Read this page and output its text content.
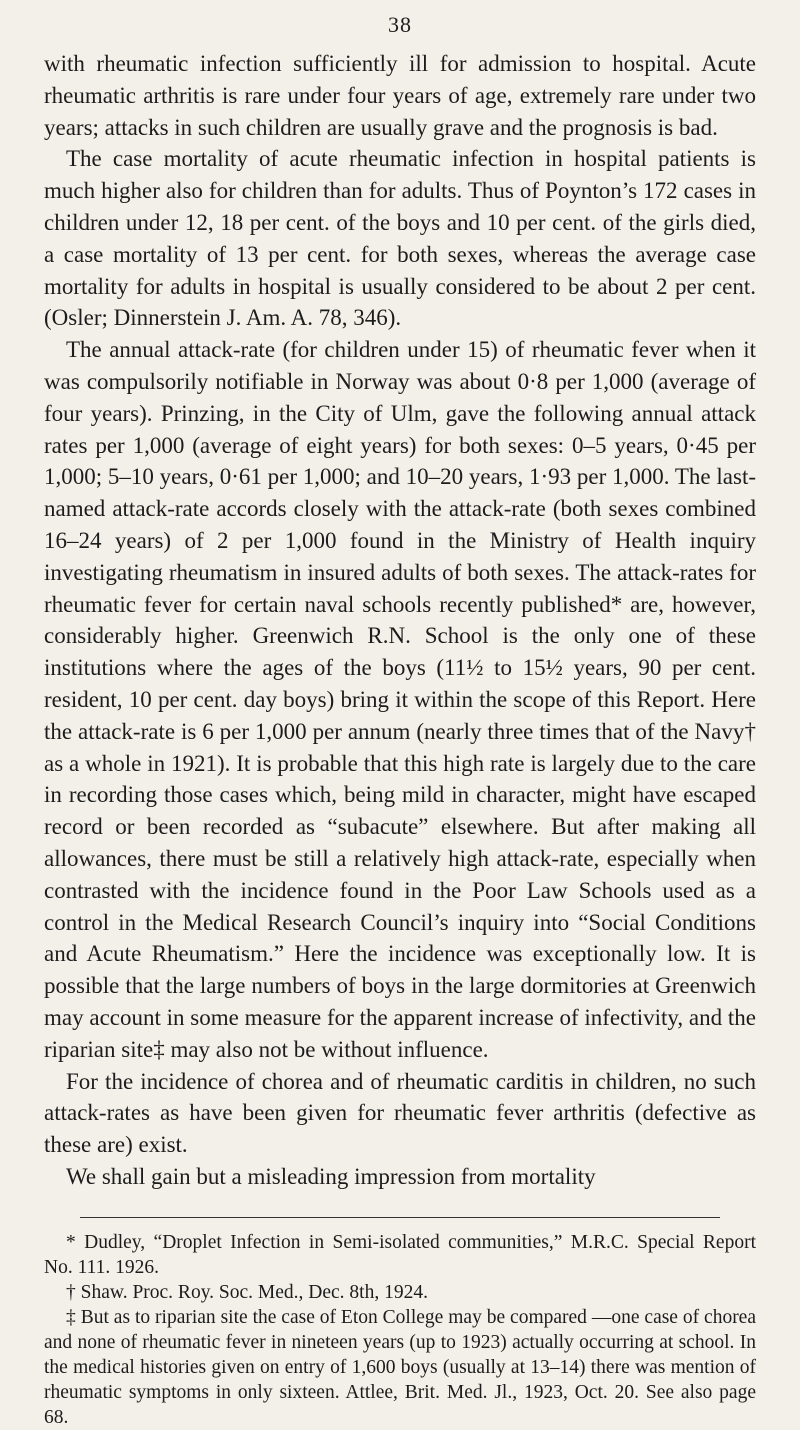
38

with rheumatic infection sufficiently ill for admission to hospital. Acute rheumatic arthritis is rare under four years of age, extremely rare under two years; attacks in such children are usually grave and the prognosis is bad.

The case mortality of acute rheumatic infection in hospital patients is much higher also for children than for adults. Thus of Poynton’s 172 cases in children under 12, 18 per cent. of the boys and 10 per cent. of the girls died, a case mortality of 13 per cent. for both sexes, whereas the average case mortality for adults in hospital is usually considered to be about 2 per cent. (Osler; Dinnerstein J. Am. A. 78, 346).

The annual attack-rate (for children under 15) of rheumatic fever when it was compulsorily notifiable in Norway was about 0·8 per 1,000 (average of four years). Prinzing, in the City of Ulm, gave the following annual attack rates per 1,000 (average of eight years) for both sexes: 0–5 years, 0·45 per 1,000; 5–10 years, 0·61 per 1,000; and 10–20 years, 1·93 per 1,000. The last-named attack-rate accords closely with the attack-rate (both sexes combined 16–24 years) of 2 per 1,000 found in the Ministry of Health inquiry investigating rheumatism in insured adults of both sexes. The attack-rates for rheumatic fever for certain naval schools recently published* are, however, considerably higher. Greenwich R.N. School is the only one of these institutions where the ages of the boys (11½ to 15½ years, 90 per cent. resident, 10 per cent. day boys) bring it within the scope of this Report. Here the attack-rate is 6 per 1,000 per annum (nearly three times that of the Navy† as a whole in 1921). It is probable that this high rate is largely due to the care in recording those cases which, being mild in character, might have escaped record or been recorded as “subacute” elsewhere. But after making all allowances, there must be still a relatively high attack-rate, especially when contrasted with the incidence found in the Poor Law Schools used as a control in the Medical Research Council’s inquiry into “Social Conditions and Acute Rheumatism.” Here the incidence was exceptionally low. It is possible that the large numbers of boys in the large dormitories at Greenwich may account in some measure for the apparent increase of infectivity, and the riparian site‡ may also not be without influence.

For the incidence of chorea and of rheumatic carditis in children, no such attack-rates as have been given for rheumatic fever arthritis (defective as these are) exist.

We shall gain but a misleading impression from mortality

* Dudley, “Droplet Infection in Semi-isolated communities,” M.R.C. Special Report No. 111. 1926.

† Shaw. Proc. Roy. Soc. Med., Dec. 8th, 1924.

‡ But as to riparian site the case of Eton College may be compared —one case of chorea and none of rheumatic fever in nineteen years (up to 1923) actually occurring at school. In the medical histories given on entry of 1,600 boys (usually at 13–14) there was mention of rheumatic symptoms in only sixteen. Attlee, Brit. Med. Jl., 1923, Oct. 20. See also page 68.
